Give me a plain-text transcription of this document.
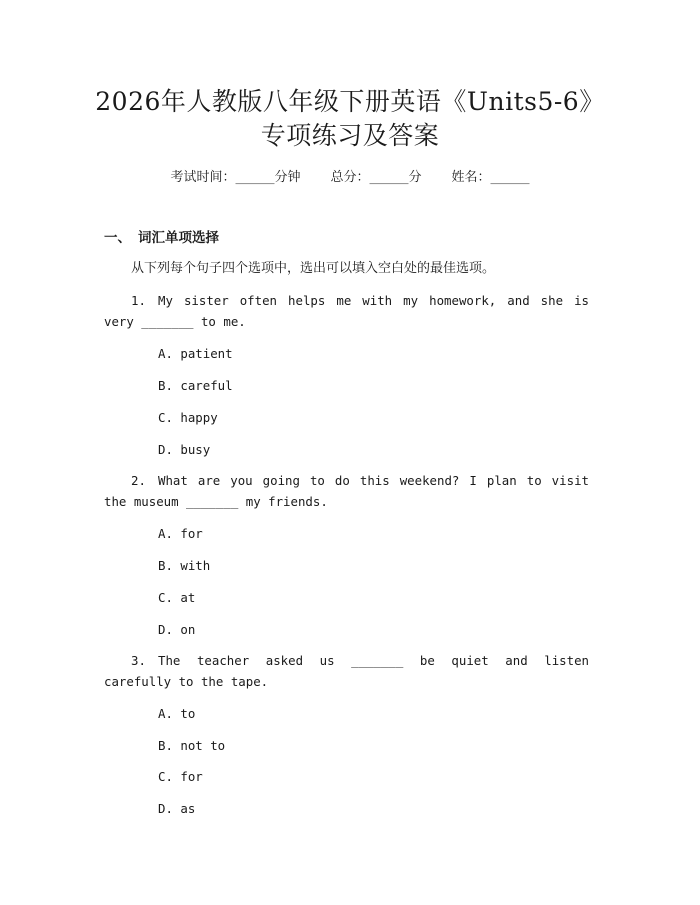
2026年人教版八年级下册英语《Units5-6》
专项练习及答案
考试时间：______分钟 总分：______分 姓名：______
一、 词汇单项选择
从下列每个句子四个选项中，选出可以填入空白处的最佳选项。
1. My sister often helps me with my homework, and she is very _______ to me.
A. patient
B. careful
C. happy
D. busy
2. What are you going to do this weekend? I plan to visit the museum _______ my friends.
A. for
B. with
C. at
D. on
3. The teacher asked us _______ be quiet and listen carefully to the tape.
A. to
B. not to
C. for
D. as
